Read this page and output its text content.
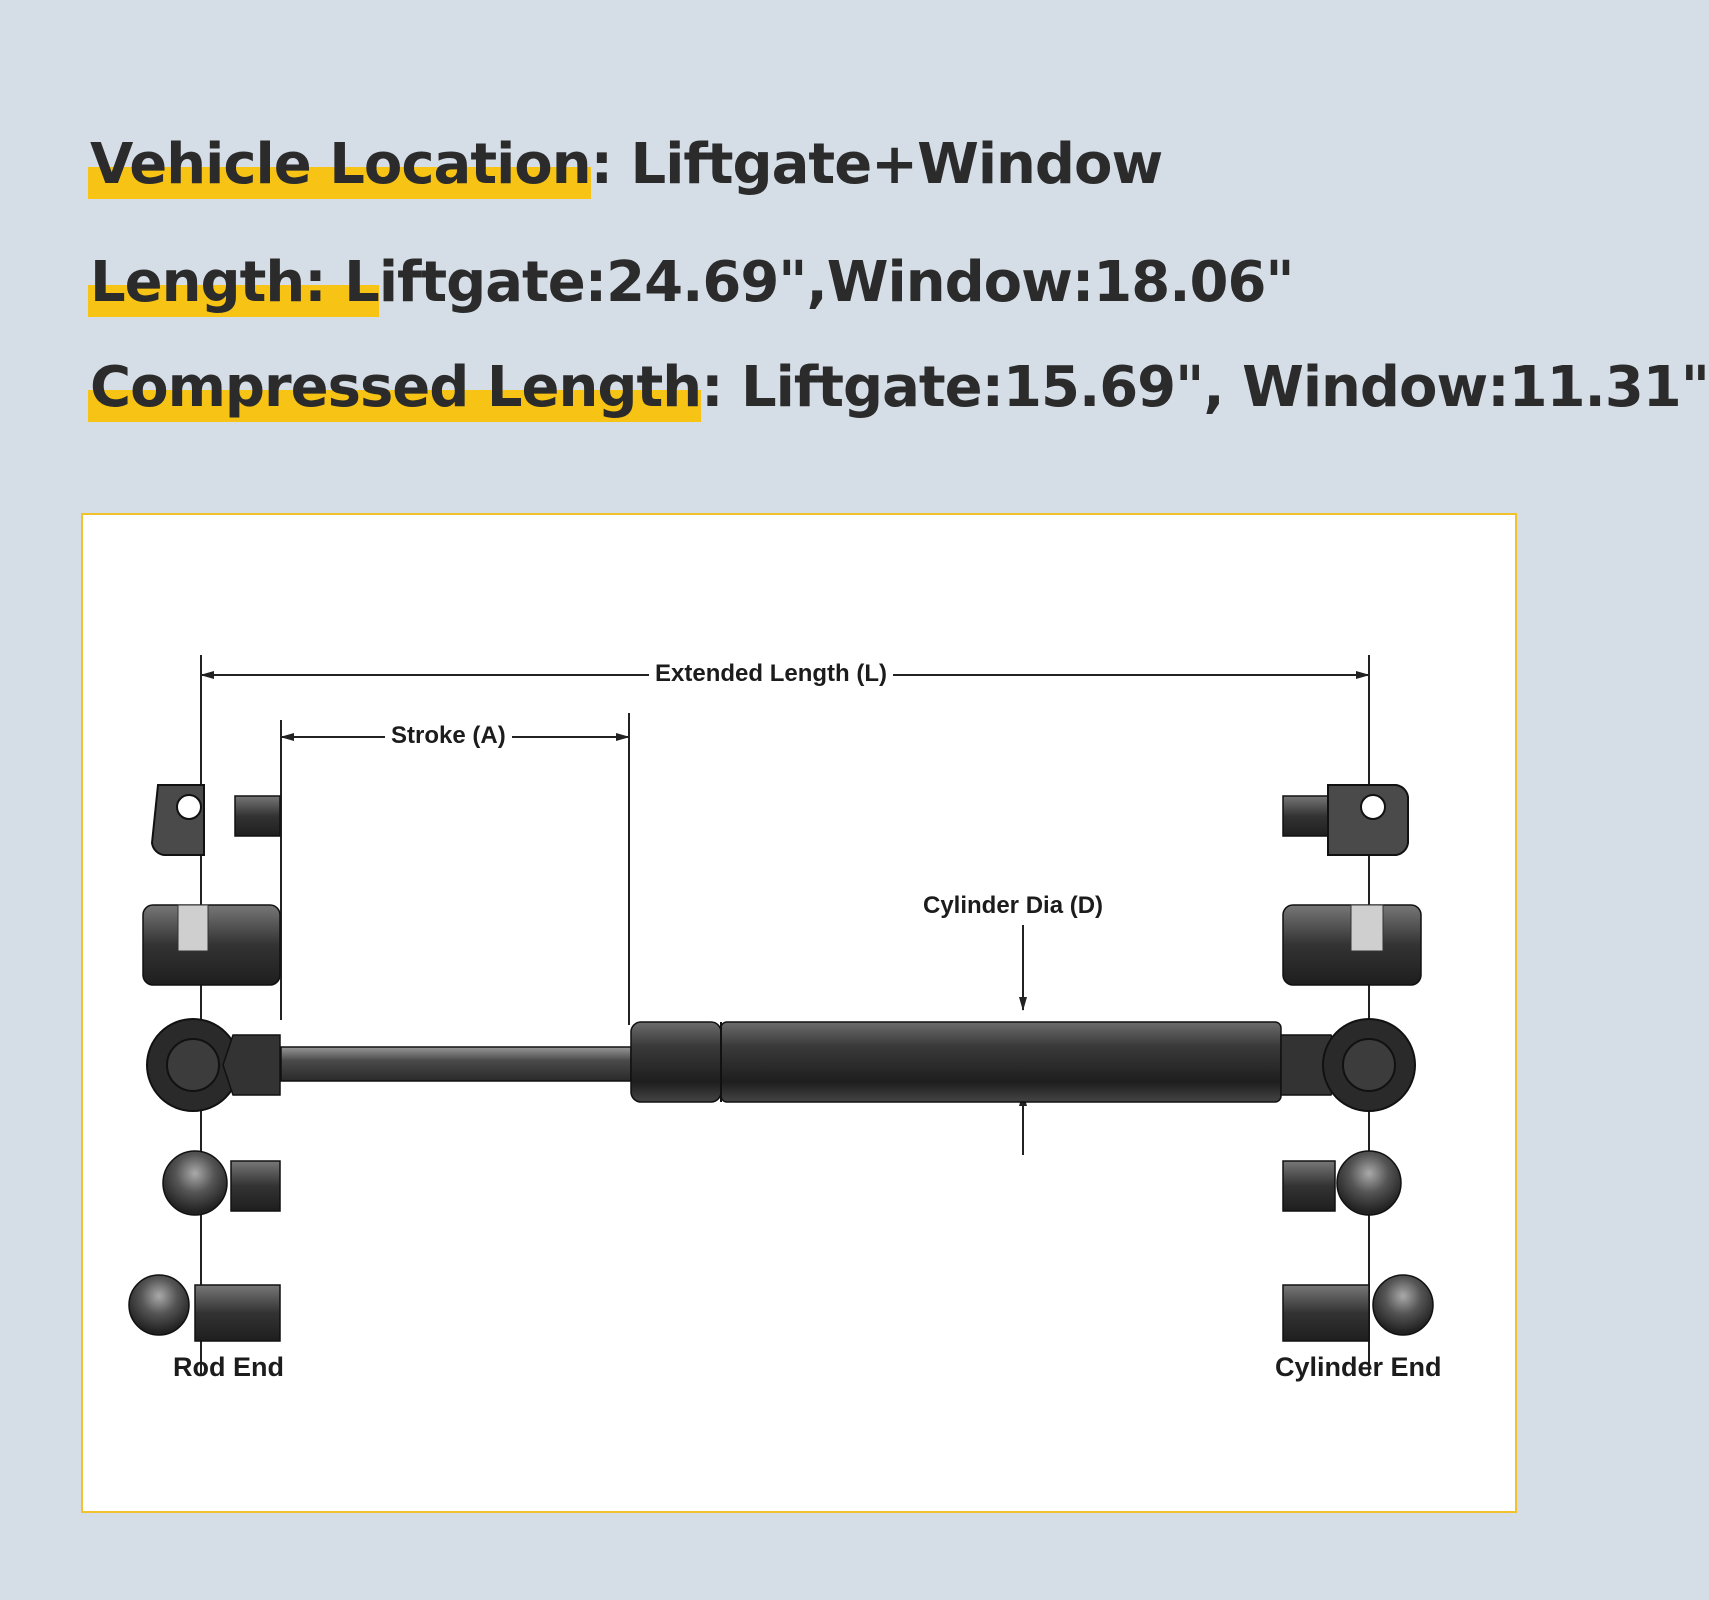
Vehicle Location: Liftgate+Window
Length: Liftgate:24.69",Window:18.06"
Compressed Length: Liftgate:15.69", Window:11.31"
Extended Length (L)
Stroke (A)
Cylinder Dia (D)
Rod End	Cylinder End
